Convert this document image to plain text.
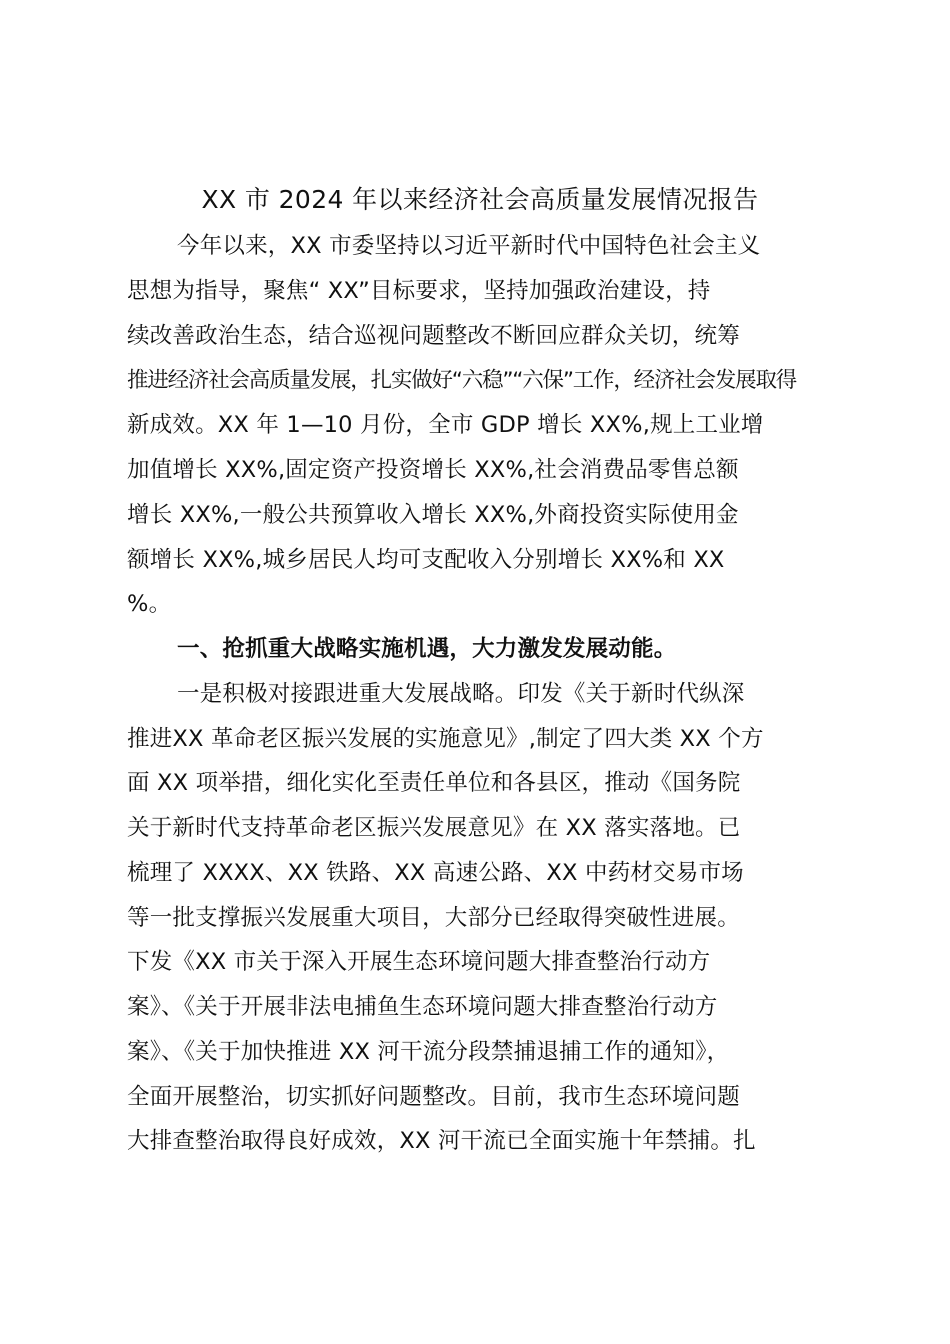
XX 市 2024 年以来经济社会高质量发展情况报告
今年以来，XX 市委坚持以习近平新时代中国特色社会主义
思想为指导，聚焦“ XX”目标要求，坚持加强政治建设，持
续改善政治生态，结合巡视问题整改不断回应群众关切，统筹
推进经济社会高质量发展，扎实做好“六稳”“六保”工作，经济社会发展取得
新成效。XX 年 1—10 月份，全市 GDP 增长 XX%,规上工业增
加值增长 XX%,固定资产投资增长 XX%,社会消费品零售总额
增长 XX%,一般公共预算收入增长 XX%,外商投资实际使用金
额增长 XX%,城乡居民人均可支配收入分别增长 XX%和 XX
%。
一、抢抓重大战略实施机遇，大力激发发展动能。
一是积极对接跟进重大发展战略。印发《关于新时代纵深
推进XX 革命老区振兴发展的实施意见》,制定了四大类 XX 个方
面 XX 项举措，细化实化至责任单位和各县区，推动《国务院
关于新时代支持革命老区振兴发展意见》在 XX 落实落地。已
梳理了 XXXX、XX 铁路、XX 高速公路、XX 中药材交易市场
等一批支撑振兴发展重大项目，大部分已经取得突破性进展。
下发《XX 市关于深入开展生态环境问题大排查整治行动方
案》、《关于开展非法电捕鱼生态环境问题大排查整治行动方
案》、《关于加快推进 XX 河干流分段禁捕退捕工作的通知》，
全面开展整治，切实抓好问题整改。目前，我市生态环境问题
大排查整治取得良好成效，XX 河干流已全面实施十年禁捕。扎
